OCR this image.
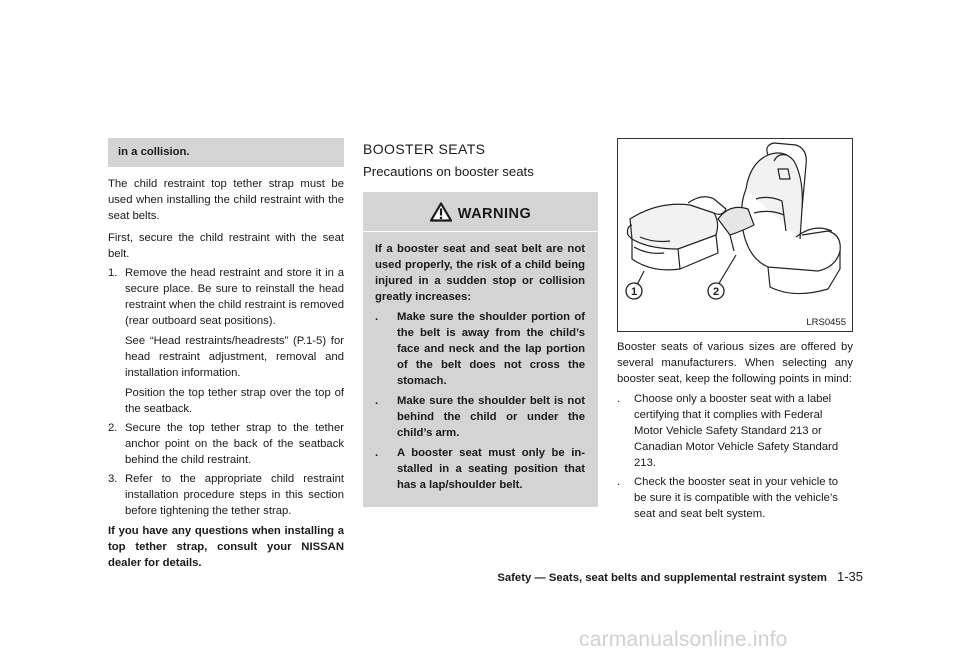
in a collision.

The child restraint top tether strap must be used when installing the child restraint with the seat belts.

First, secure the child restraint with the seat belt.

1. Remove the head restraint and store it in a secure place. Be sure to reinstall the head restraint when the child restraint is removed (rear outboard seat positions).

See “Head restraints/headrests” (P.1-5) for head restraint adjustment, removal and installation information.

Position the top tether strap over the top of the seatback.

2. Secure the top tether strap to the tether anchor point on the back of the seatback behind the child restraint.
3. Refer to the appropriate child restraint installation procedure steps in this section before tightening the tether strap.

If you have any questions when installing a top tether strap, consult your NISSAN dealer for details.

BOOSTER SEATS
Precautions on booster seats
WARNING

If a booster seat and seat belt are not used properly, the risk of a child being injured in a sudden stop or collision greatly increases:

. Make sure the shoulder portion of the belt is away from the child’s face and neck and the lap portion of the belt does not cross the stomach.
. Make sure the shoulder belt is not behind the child or under the child’s arm.
. A booster seat must only be in-stalled in a seating position that has a lap/shoulder belt.
1	2
LRS0455

Booster seats of various sizes are offered by several manufacturers. When selecting any booster seat, keep the following points in mind:

. Choose only a booster seat with a label certifying that it complies with Federal Motor Vehicle Safety Standard 213 or Canadian Motor Vehicle Safety Standard 213.
. Check the booster seat in your vehicle to be sure it is compatible with the vehicle’s seat and seat belt system.
Safety — Seats, seat belts and supplemental restraint system 1-35
carmanualsonline.info
